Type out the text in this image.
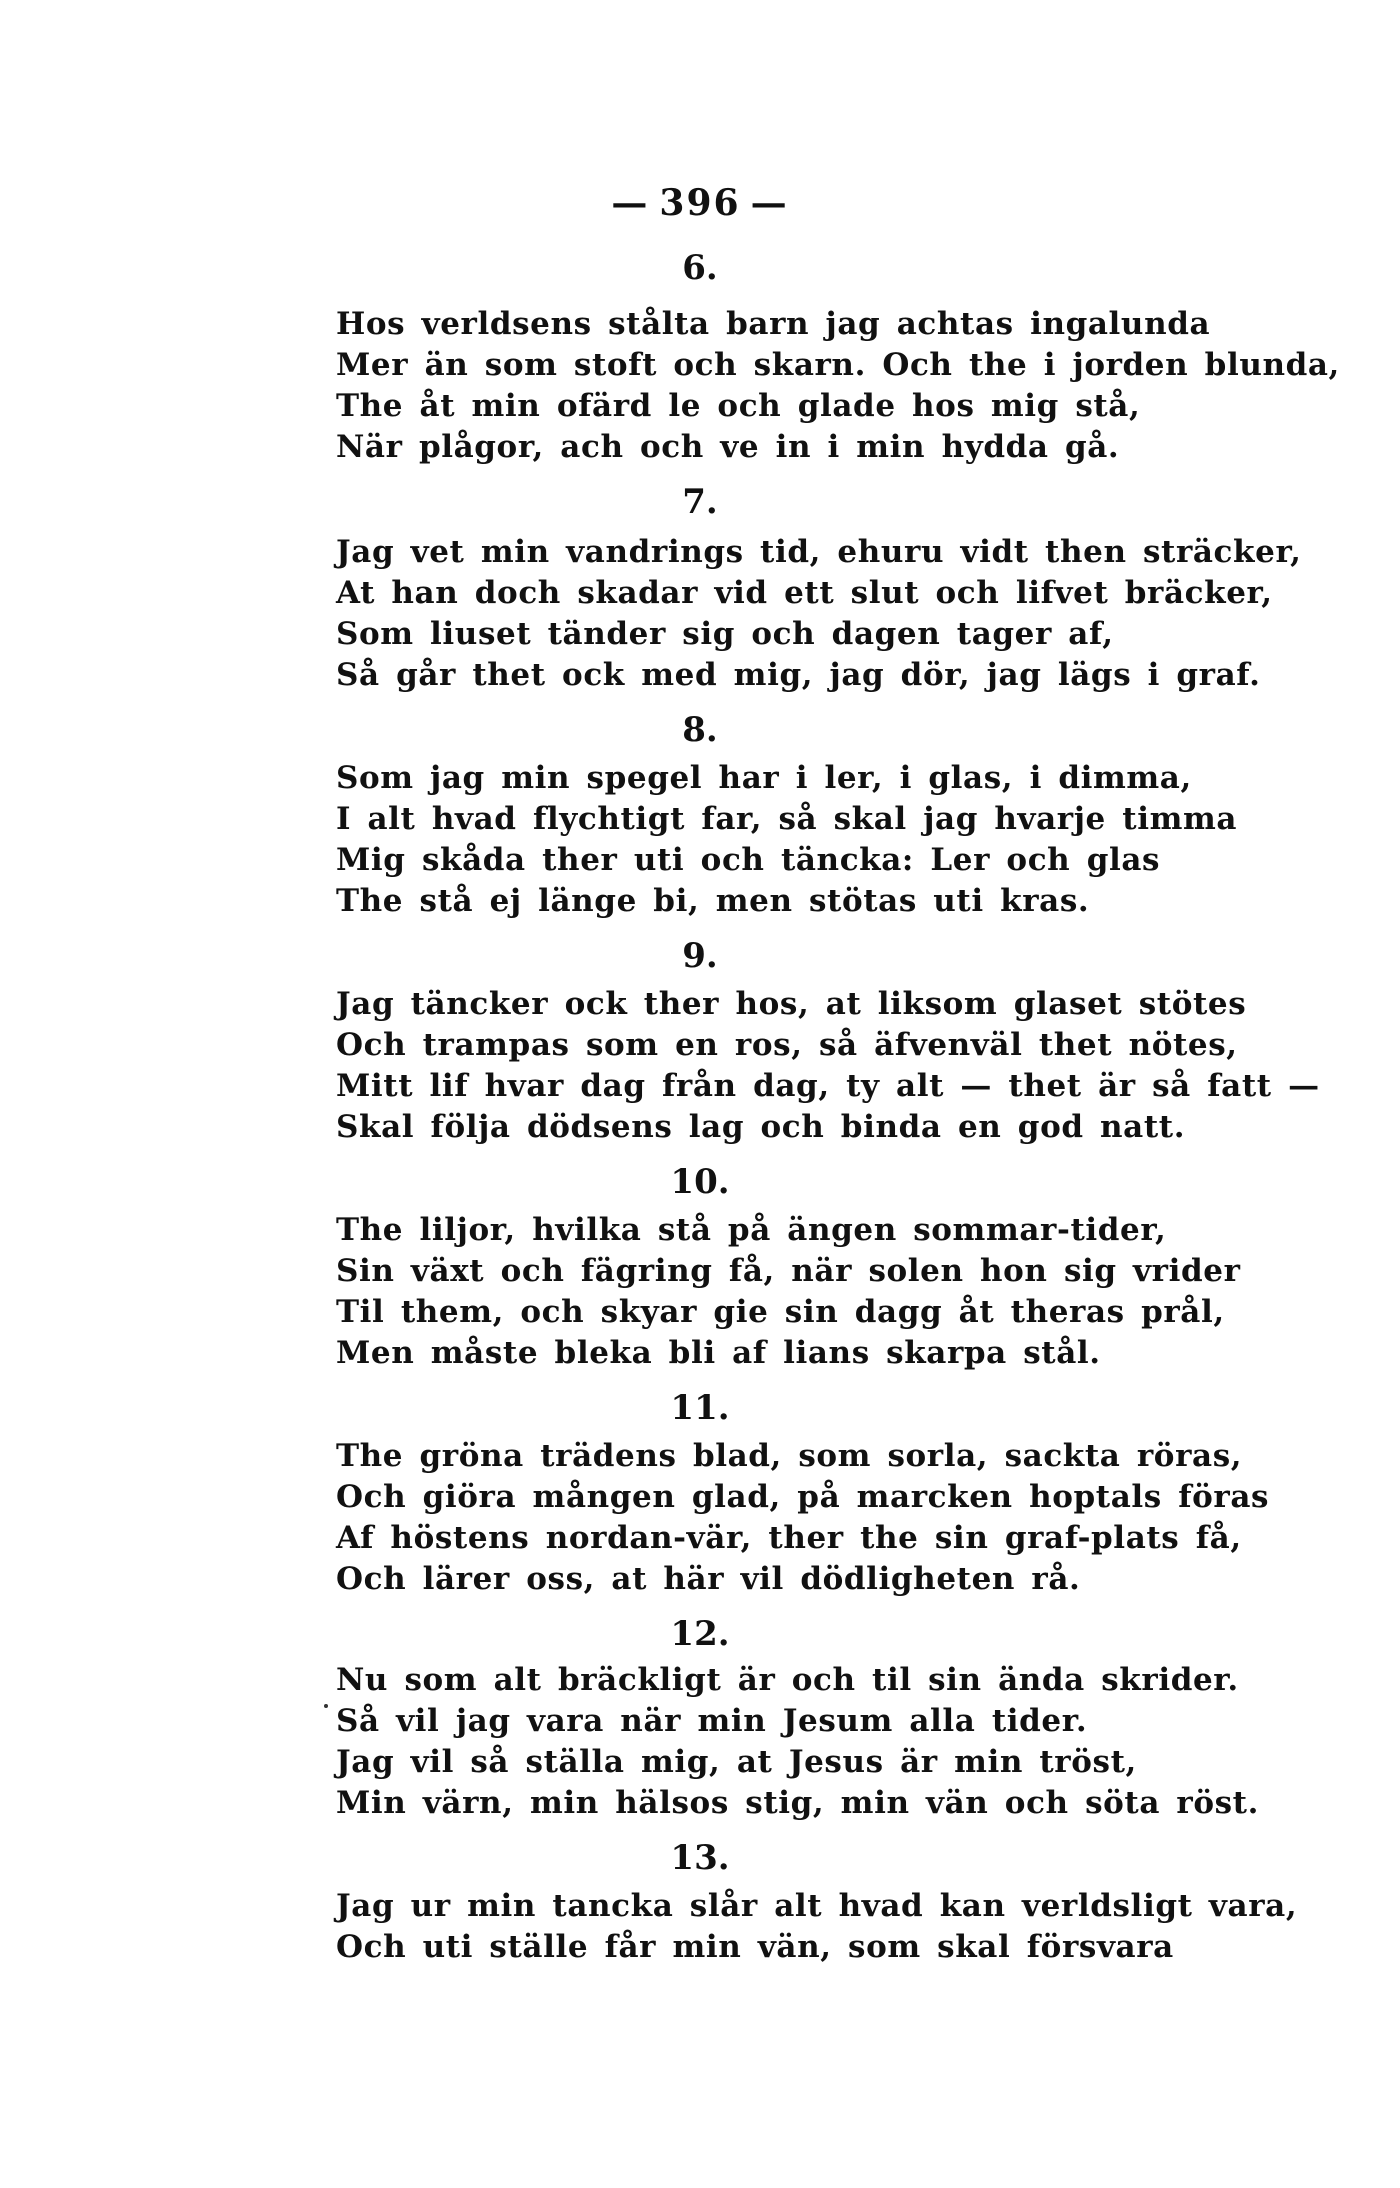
— 396 —
6.
Hos verldsens stålta barn jag achtas ingalunda
Mer än som stoft och skarn. Och the i jorden blunda,
The åt min ofärd le och glade hos mig stå,
När plågor, ach och ve in i min hydda gå.
7.
Jag vet min vandrings tid, ehuru vidt then sträcker,
At han doch skadar vid ett slut och lifvet bräcker,
Som liuset tänder sig och dagen tager af,
Så går thet ock med mig, jag dör, jag lägs i graf.
8.
Som jag min spegel har i ler, i glas, i dimma,
I alt hvad flychtigt far, så skal jag hvarje timma
Mig skåda ther uti och täncka: Ler och glas
The stå ej länge bi, men stötas uti kras.
9.
Jag täncker ock ther hos, at liksom glaset stötes
Och trampas som en ros, så äfvenväl thet nötes,
Mitt lif hvar dag från dag, ty alt — thet är så fatt —
Skal följa dödsens lag och binda en god natt.
10.
The liljor, hvilka stå på ängen sommar-tider,
Sin växt och fägring få, när solen hon sig vrider
Til them, och skyar gie sin dagg åt theras prål,
Men måste bleka bli af lians skarpa stål.
11.
The gröna trädens blad, som sorla, sackta röras,
Och giöra mången glad, på marcken hoptals föras
Af höstens nordan-vär, ther the sin graf-plats få,
Och lärer oss, at här vil dödligheten rå.
12.
Nu som alt bräckligt är och til sin ända skrider.
Så vil jag vara när min Jesum alla tider.
Jag vil så ställa mig, at Jesus är min tröst,
Min värn, min hälsos stig, min vän och söta röst.
13.
Jag ur min tancka slår alt hvad kan verldsligt vara,
Och uti ställe får min vän, som skal försvara
